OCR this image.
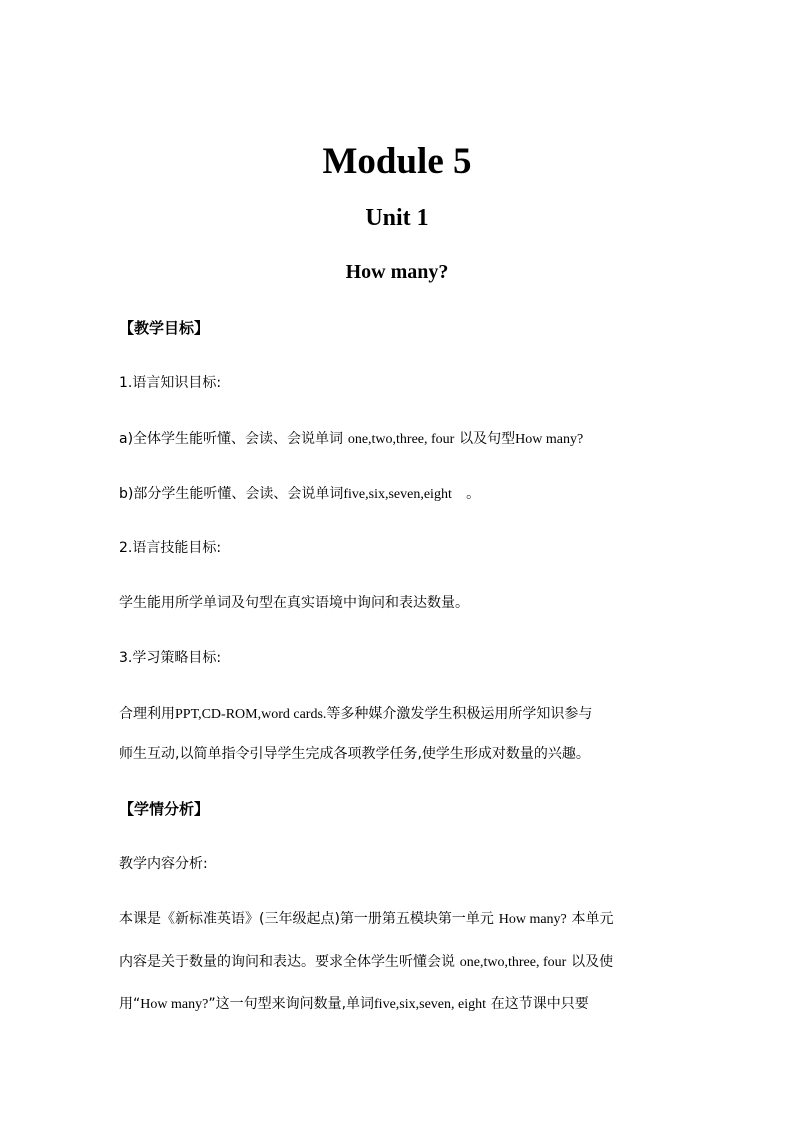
Module 5
Unit 1
How many?
【教学目标】
1.语言知识目标:
a)全体学生能听懂、会读、会说单词 one,two,three, four 以及句型How many?
b)部分学生能听懂、会读、会说单词five,six,seven,eight 。
2.语言技能目标:
学生能用所学单词及句型在真实语境中询问和表达数量。
3.学习策略目标:
合理利用PPT,CD-ROM,word cards.等多种媒介激发学生积极运用所学知识参与
师生互动,以简单指令引导学生完成各项教学任务,使学生形成对数量的兴趣。
【学情分析】
教学内容分析:
本课是《新标准英语》(三年级起点)第一册第五模块第一单元 How many? 本单元
内容是关于数量的询问和表达。要求全体学生听懂会说 one,two,three, four 以及使
用“How many?”这一句型来询问数量,单词five,six,seven, eight 在这节课中只要
